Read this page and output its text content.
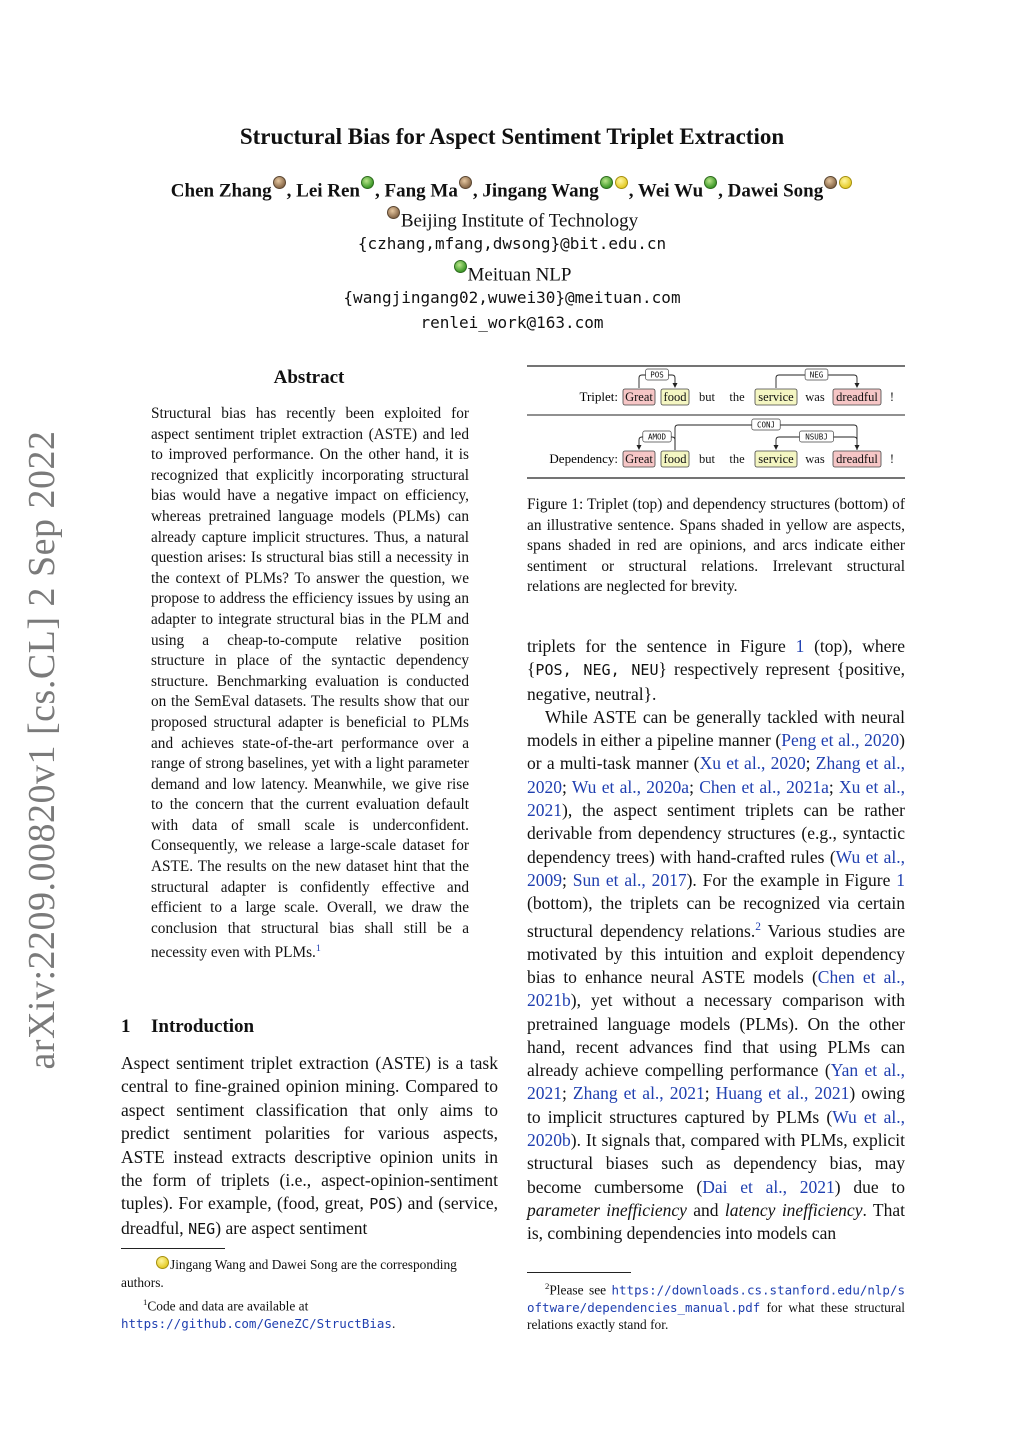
arXiv:2209.00820v1 [cs.CL] 2 Sep 2022
Structural Bias for Aspect Sentiment Triplet Extraction
Chen Zhang , Lei Ren , Fang Ma , Jingang Wang , Wei Wu , Dawei Song
Beijing Institute of Technology
{czhang,mfang,dwsong}@bit.edu.cn
Meituan NLP
{wangjingang02,wuwei30}@meituan.com
renlei_work@163.com
Abstract
Structural bias has recently been exploited for aspect sentiment triplet extraction (ASTE) and led to improved performance. On the other hand, it is recognized that explicitly incorporating structural bias would have a negative impact on efficiency, whereas pretrained language models (PLMs) can already capture implicit structures. Thus, a natural question arises: Is structural bias still a necessity in the context of PLMs? To answer the question, we propose to address the efficiency issues by using an adapter to integrate structural bias in the PLM and using a cheap-to-compute relative position structure in place of the syntactic dependency structure. Benchmarking evaluation is conducted on the SemEval datasets. The results show that our proposed structural adapter is beneficial to PLMs and achieves state-of-the-art performance over a range of strong baselines, yet with a light parameter demand and low latency. Meanwhile, we give rise to the concern that the current evaluation default with data of small scale is underconfident. Consequently, we release a large-scale dataset for ASTE. The results on the new dataset hint that the structural adapter is confidently effective and efficient to a large scale. Overall, we draw the conclusion that structural bias shall still be a necessity even with PLMs.$^1$
1 Introduction
Aspect sentiment triplet extraction (ASTE) is a task central to fine-grained opinion mining. Compared to aspect sentiment classification that only aims to predict sentiment polarities for various aspects, ASTE instead extracts descriptive opinion units in the form of triplets (i.e., aspect-opinion-sentiment tuples). For example, (food, great, POS) and (service, dreadful, NEG) are aspect sentiment
Jingang Wang and Dawei Song are the corresponding authors.
$^1$Code and data are available at https://github.com/GeneZC/StructBias.
Triplet:
Dependency:
Great food but the service was dreadful !
POS	NEG
Great food but the service was dreadful !
AMOD
CONJ
NSUBJ
Figure 1: Triplet (top) and dependency structures (bottom) of an illustrative sentence. Spans shaded in yellow are aspects, spans shaded in red are opinions, and arcs indicate either sentiment or structural relations. Irrelevant structural relations are neglected for brevity.

triplets for the sentence in Figure 1 (top), where {POS, NEG, NEU} respectively represent {positive, negative, neutral}.

While ASTE can be generally tackled with neural models in either a pipeline manner (Peng et al., 2020) or a multi-task manner (Xu et al., 2020; Zhang et al., 2020; Wu et al., 2020a; Chen et al., 2021a; Xu et al., 2021), the aspect sentiment triplets can be rather derivable from dependency structures (e.g., syntactic dependency trees) with hand-crafted rules (Wu et al., 2009; Sun et al., 2017). For the example in Figure 1 (bottom), the triplets can be recognized via certain structural dependency relations.$^2$ Various studies are motivated by this intuition and exploit dependency bias to enhance neural ASTE models (Chen et al., 2021b), yet without a necessary comparison with pretrained language models (PLMs). On the other hand, recent advances find that using PLMs can already achieve compelling performance (Yan et al., 2021; Zhang et al., 2021; Huang et al., 2021) owing to implicit structures captured by PLMs (Wu et al., 2020b). It signals that, compared with PLMs, explicit structural biases such as dependency bias, may become cumbersome (Dai et al., 2021) due to parameter inefficiency and latency inefficiency. That is, combining dependencies into models can

$^2$Please see https://downloads.cs.stanford.edu/nlp/software/dependencies_manual.pdf for what these structural relations exactly stand for.
